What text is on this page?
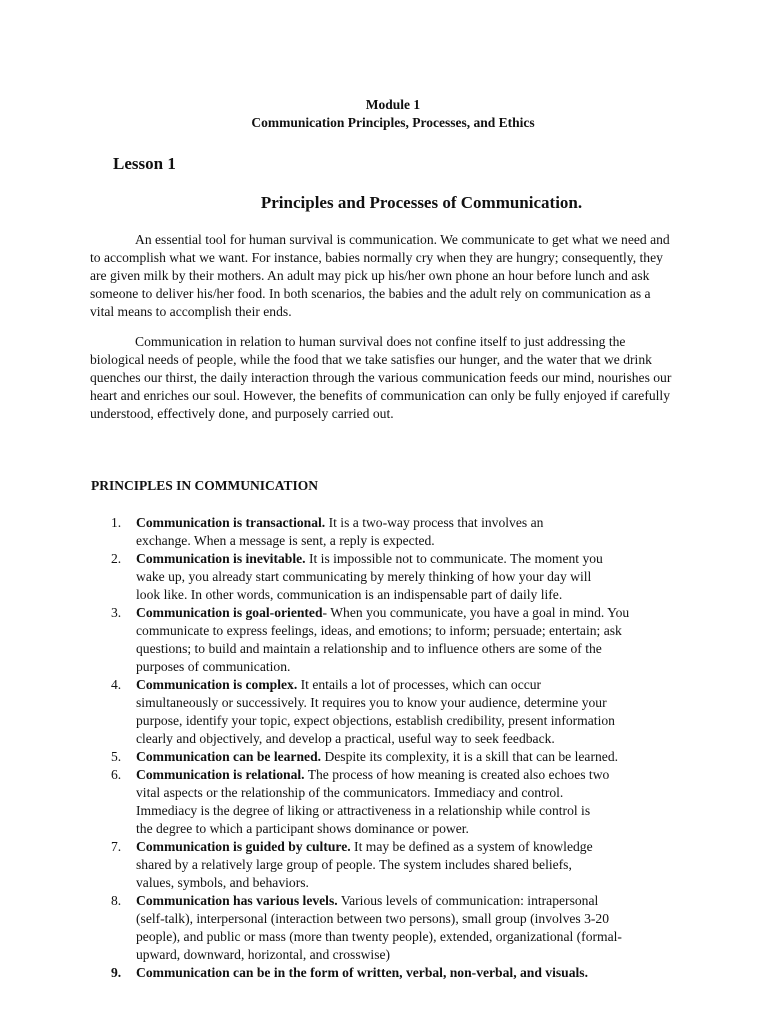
Module 1
Communication Principles, Processes, and Ethics
Lesson 1
Principles and Processes of Communication.

An essential tool for human survival is communication. We communicate to get what we need and to accomplish what we want. For instance, babies normally cry when they are hungry; consequently, they are given milk by their mothers. An adult may pick up his/her own phone an hour before lunch and ask someone to deliver his/her food. In both scenarios, the babies and the adult rely on communication as a vital means to accomplish their ends.

Communication in relation to human survival does not confine itself to just addressing the biological needs of people, while the food that we take satisfies our hunger, and the water that we drink quenches our thirst, the daily interaction through the various communication feeds our mind, nourishes our heart and enriches our soul. However, the benefits of communication can only be fully enjoyed if carefully understood, effectively done, and purposely carried out.

PRINCIPLES IN COMMUNICATION
1.	Communication is transactional. It is a two-way process that involves an
exchange. When a message is sent, a reply is expected.
2.	Communication is inevitable. It is impossible not to communicate. The moment you
wake up, you already start communicating by merely thinking of how your day will
look like. In other words, communication is an indispensable part of daily life.
3.	Communication is goal-oriented- When you communicate, you have a goal in mind. You
communicate to express feelings, ideas, and emotions; to inform; persuade; entertain; ask
questions; to build and maintain a relationship and to influence others are some of the
purposes of communication.
4.	Communication is complex. It entails a lot of processes, which can occur
simultaneously or successively. It requires you to know your audience, determine your
purpose, identify your topic, expect objections, establish credibility, present information
clearly and objectively, and develop a practical, useful way to seek feedback.
5.	Communication can be learned. Despite its complexity, it is a skill that can be learned.
6.	Communication is relational. The process of how meaning is created also echoes two
vital aspects or the relationship of the communicators. Immediacy and control.
Immediacy is the degree of liking or attractiveness in a relationship while control is
the degree to which a participant shows dominance or power.
7.	Communication is guided by culture. It may be defined as a system of knowledge
shared by a relatively large group of people. The system includes shared beliefs,
values, symbols, and behaviors.
8.	Communication has various levels. Various levels of communication: intrapersonal
(self-talk), interpersonal (interaction between two persons), small group (involves 3-20
people), and public or mass (more than twenty people), extended, organizational (formal-
upward, downward, horizontal, and crosswise)
9.	Communication can be in the form of written, verbal, non-verbal, and visuals.
